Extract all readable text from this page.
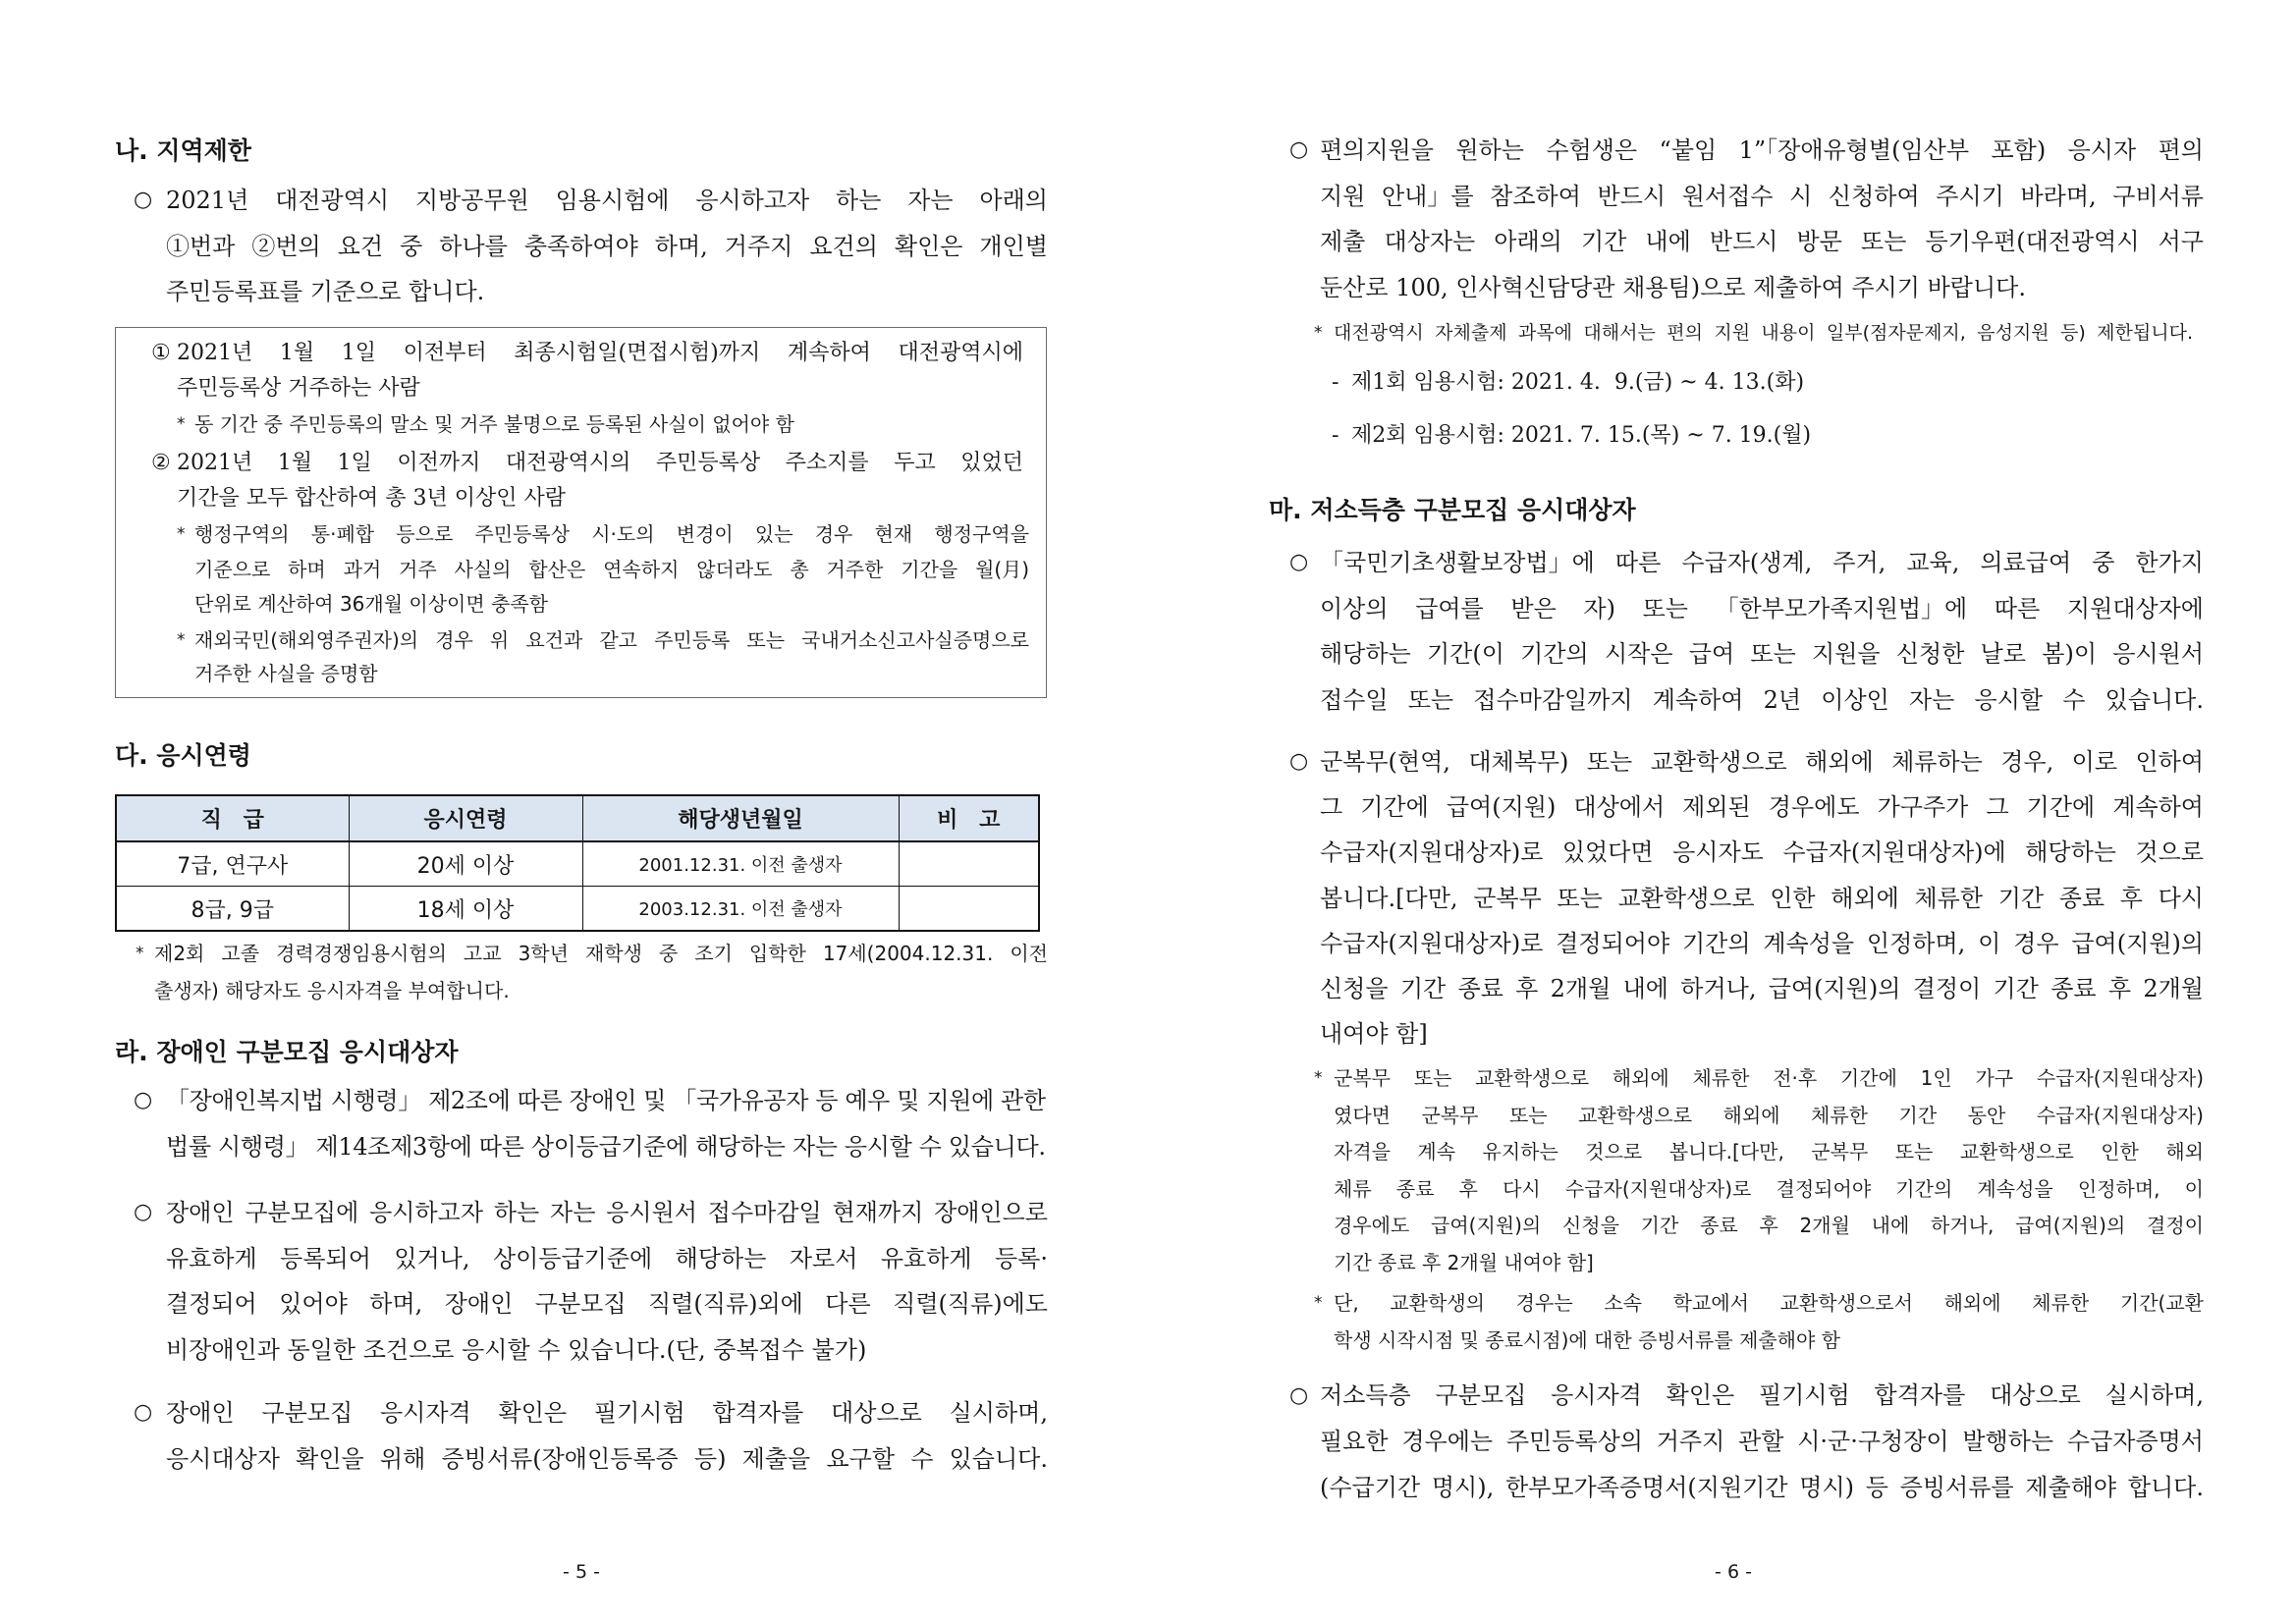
나. 지역제한
○ 2021년 대전광역시 지방공무원 임용시험에 응시하고자 하는 자는 아래의
①번과 ②번의 요건 중 하나를 충족하여야 하며, 거주지 요건의 확인은 개인별
주민등록표를 기준으로 합니다.
① 2021년 1월 1일 이전부터 최종시험일(면접시험)까지 계속하여 대전광역시에
주민등록상 거주하는 사람
* 동 기간 중 주민등록의 말소 및 거주 불명으로 등록된 사실이 없어야 함
② 2021년 1월 1일 이전까지 대전광역시의 주민등록상 주소지를 두고 있었던
기간을 모두 합산하여 총 3년 이상인 사람
* 행정구역의 통·폐합 등으로 주민등록상 시·도의 변경이 있는 경우 현재 행정구역을
기준으로 하며 과거 거주 사실의 합산은 연속하지 않더라도 총 거주한 기간을 월(月)
단위로 계산하여 36개월 이상이면 충족함
* 재외국민(해외영주권자)의 경우 위 요건과 같고 주민등록 또는 국내거소신고사실증명으로
거주한 사실을 증명함
다. 응시연령
직 급	응시연령	해당생년월일	비 고
7급, 연구사	20세 이상	2001.12.31. 이전 출생자	
8급, 9급	18세 이상	2003.12.31. 이전 출생자	
* 제2회 고졸 경력경쟁임용시험의 고교 3학년 재학생 중 조기 입학한 17세(2004.12.31. 이전
출생자) 해당자도 응시자격을 부여합니다.
라. 장애인 구분모집 응시대상자
○ 「장애인복지법 시행령」 제2조에 따른 장애인 및 「국가유공자 등 예우 및 지원에 관한
법률 시행령」 제14조제3항에 따른 상이등급기준에 해당하는 자는 응시할 수 있습니다.
○ 장애인 구분모집에 응시하고자 하는 자는 응시원서 접수마감일 현재까지 장애인으로
유효하게 등록되어 있거나, 상이등급기준에 해당하는 자로서 유효하게 등록·
결정되어 있어야 하며, 장애인 구분모집 직렬(직류)외에 다른 직렬(직류)에도
비장애인과 동일한 조건으로 응시할 수 있습니다.(단, 중복접수 불가)
○ 장애인 구분모집 응시자격 확인은 필기시험 합격자를 대상으로 실시하며,
응시대상자 확인을 위해 증빙서류(장애인등록증 등) 제출을 요구할 수 있습니다.
- 5 -
○ 편의지원을 원하는 수험생은 “붙임 1”「장애유형별(임산부 포함) 응시자 편의
지원 안내」를 참조하여 반드시 원서접수 시 신청하여 주시기 바라며, 구비서류
제출 대상자는 아래의 기간 내에 반드시 방문 또는 등기우편(대전광역시 서구
둔산로 100, 인사혁신담당관 채용팀)으로 제출하여 주시기 바랍니다.
* 대전광역시 자체출제 과목에 대해서는 편의 지원 내용이 일부(점자문제지, 음성지원 등) 제한됩니다.
- 제1회 임용시험: 2021. 4.  9.(금) ~ 4. 13.(화)
- 제2회 임용시험: 2021. 7. 15.(목) ~ 7. 19.(월)
마. 저소득층 구분모집 응시대상자
○ 「국민기초생활보장법」에 따른 수급자(생계, 주거, 교육, 의료급여 중 한가지
이상의 급여를 받은 자) 또는 「한부모가족지원법」에 따른 지원대상자에
해당하는 기간(이 기간의 시작은 급여 또는 지원을 신청한 날로 봄)이 응시원서
접수일 또는 접수마감일까지 계속하여 2년 이상인 자는 응시할 수 있습니다.
○ 군복무(현역, 대체복무) 또는 교환학생으로 해외에 체류하는 경우, 이로 인하여
그 기간에 급여(지원) 대상에서 제외된 경우에도 가구주가 그 기간에 계속하여
수급자(지원대상자)로 있었다면 응시자도 수급자(지원대상자)에 해당하는 것으로
봅니다.[다만, 군복무 또는 교환학생으로 인한 해외에 체류한 기간 종료 후 다시
수급자(지원대상자)로 결정되어야 기간의 계속성을 인정하며, 이 경우 급여(지원)의
신청을 기간 종료 후 2개월 내에 하거나, 급여(지원)의 결정이 기간 종료 후 2개월
내여야 함]
* 군복무 또는 교환학생으로 해외에 체류한 전·후 기간에 1인 가구 수급자(지원대상자)
였다면 군복무 또는 교환학생으로 해외에 체류한 기간 동안 수급자(지원대상자)
자격을 계속 유지하는 것으로 봅니다.[다만, 군복무 또는 교환학생으로 인한 해외
체류 종료 후 다시 수급자(지원대상자)로 결정되어야 기간의 계속성을 인정하며, 이
경우에도 급여(지원)의 신청을 기간 종료 후 2개월 내에 하거나, 급여(지원)의 결정이
기간 종료 후 2개월 내여야 함]
* 단, 교환학생의 경우는 소속 학교에서 교환학생으로서 해외에 체류한 기간(교환
학생 시작시점 및 종료시점)에 대한 증빙서류를 제출해야 함
○ 저소득층 구분모집 응시자격 확인은 필기시험 합격자를 대상으로 실시하며,
필요한 경우에는 주민등록상의 거주지 관할 시·군·구청장이 발행하는 수급자증명서
(수급기간 명시), 한부모가족증명서(지원기간 명시) 등 증빙서류를 제출해야 합니다.
- 6 -
